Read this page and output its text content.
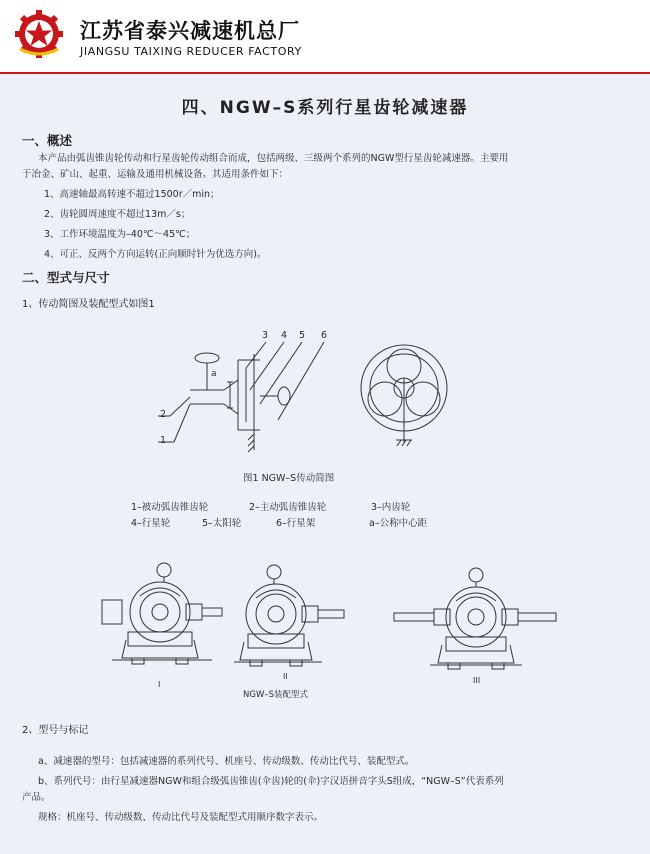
江苏省泰兴减速机总厂
JIANGSU TAIXING REDUCER FACTORY
四、NGW–S系列行星齿轮减速器
一、概述
本产品由弧齿锥齿轮传动和行星齿轮传动组合而成，包括两级、三级两个系列的NGW型行星齿轮减速器。主要用
于冶金、矿山、起重、运输及通用机械设备。其适用条件如下：
1、高速轴最高转速不超过1500r／min；
2、齿轮圆周速度不超过13m／s；
3、工作环境温度为–40℃～45℃；
4、可正、反两个方向运转(正向顺时针为优选方向)。
二、型式与尺寸
1、传动简图及装配型式如图1
a
2
1
3 4 5 6
图1 NGW–S传动简图
1–被动弧齿锥齿轮	2–主动弧齿锥齿轮	3–内齿轮
4–行星轮	5–太阳轮	6–行星架	a–公称中心距
I
II	III
NGW–S装配型式
2、型号与标记
a、减速器的型号：包括减速器的系列代号、机座号、传动级数、传动比代号、装配型式。
b、系列代号：由行星减速器NGW和组合级弧齿锥齿(伞齿)轮的(伞)字汉语拼音字头S组成，“NGW–S”代表系列
产品。
规格：机座号、传动级数、传动比代号及装配型式用顺序数字表示。
